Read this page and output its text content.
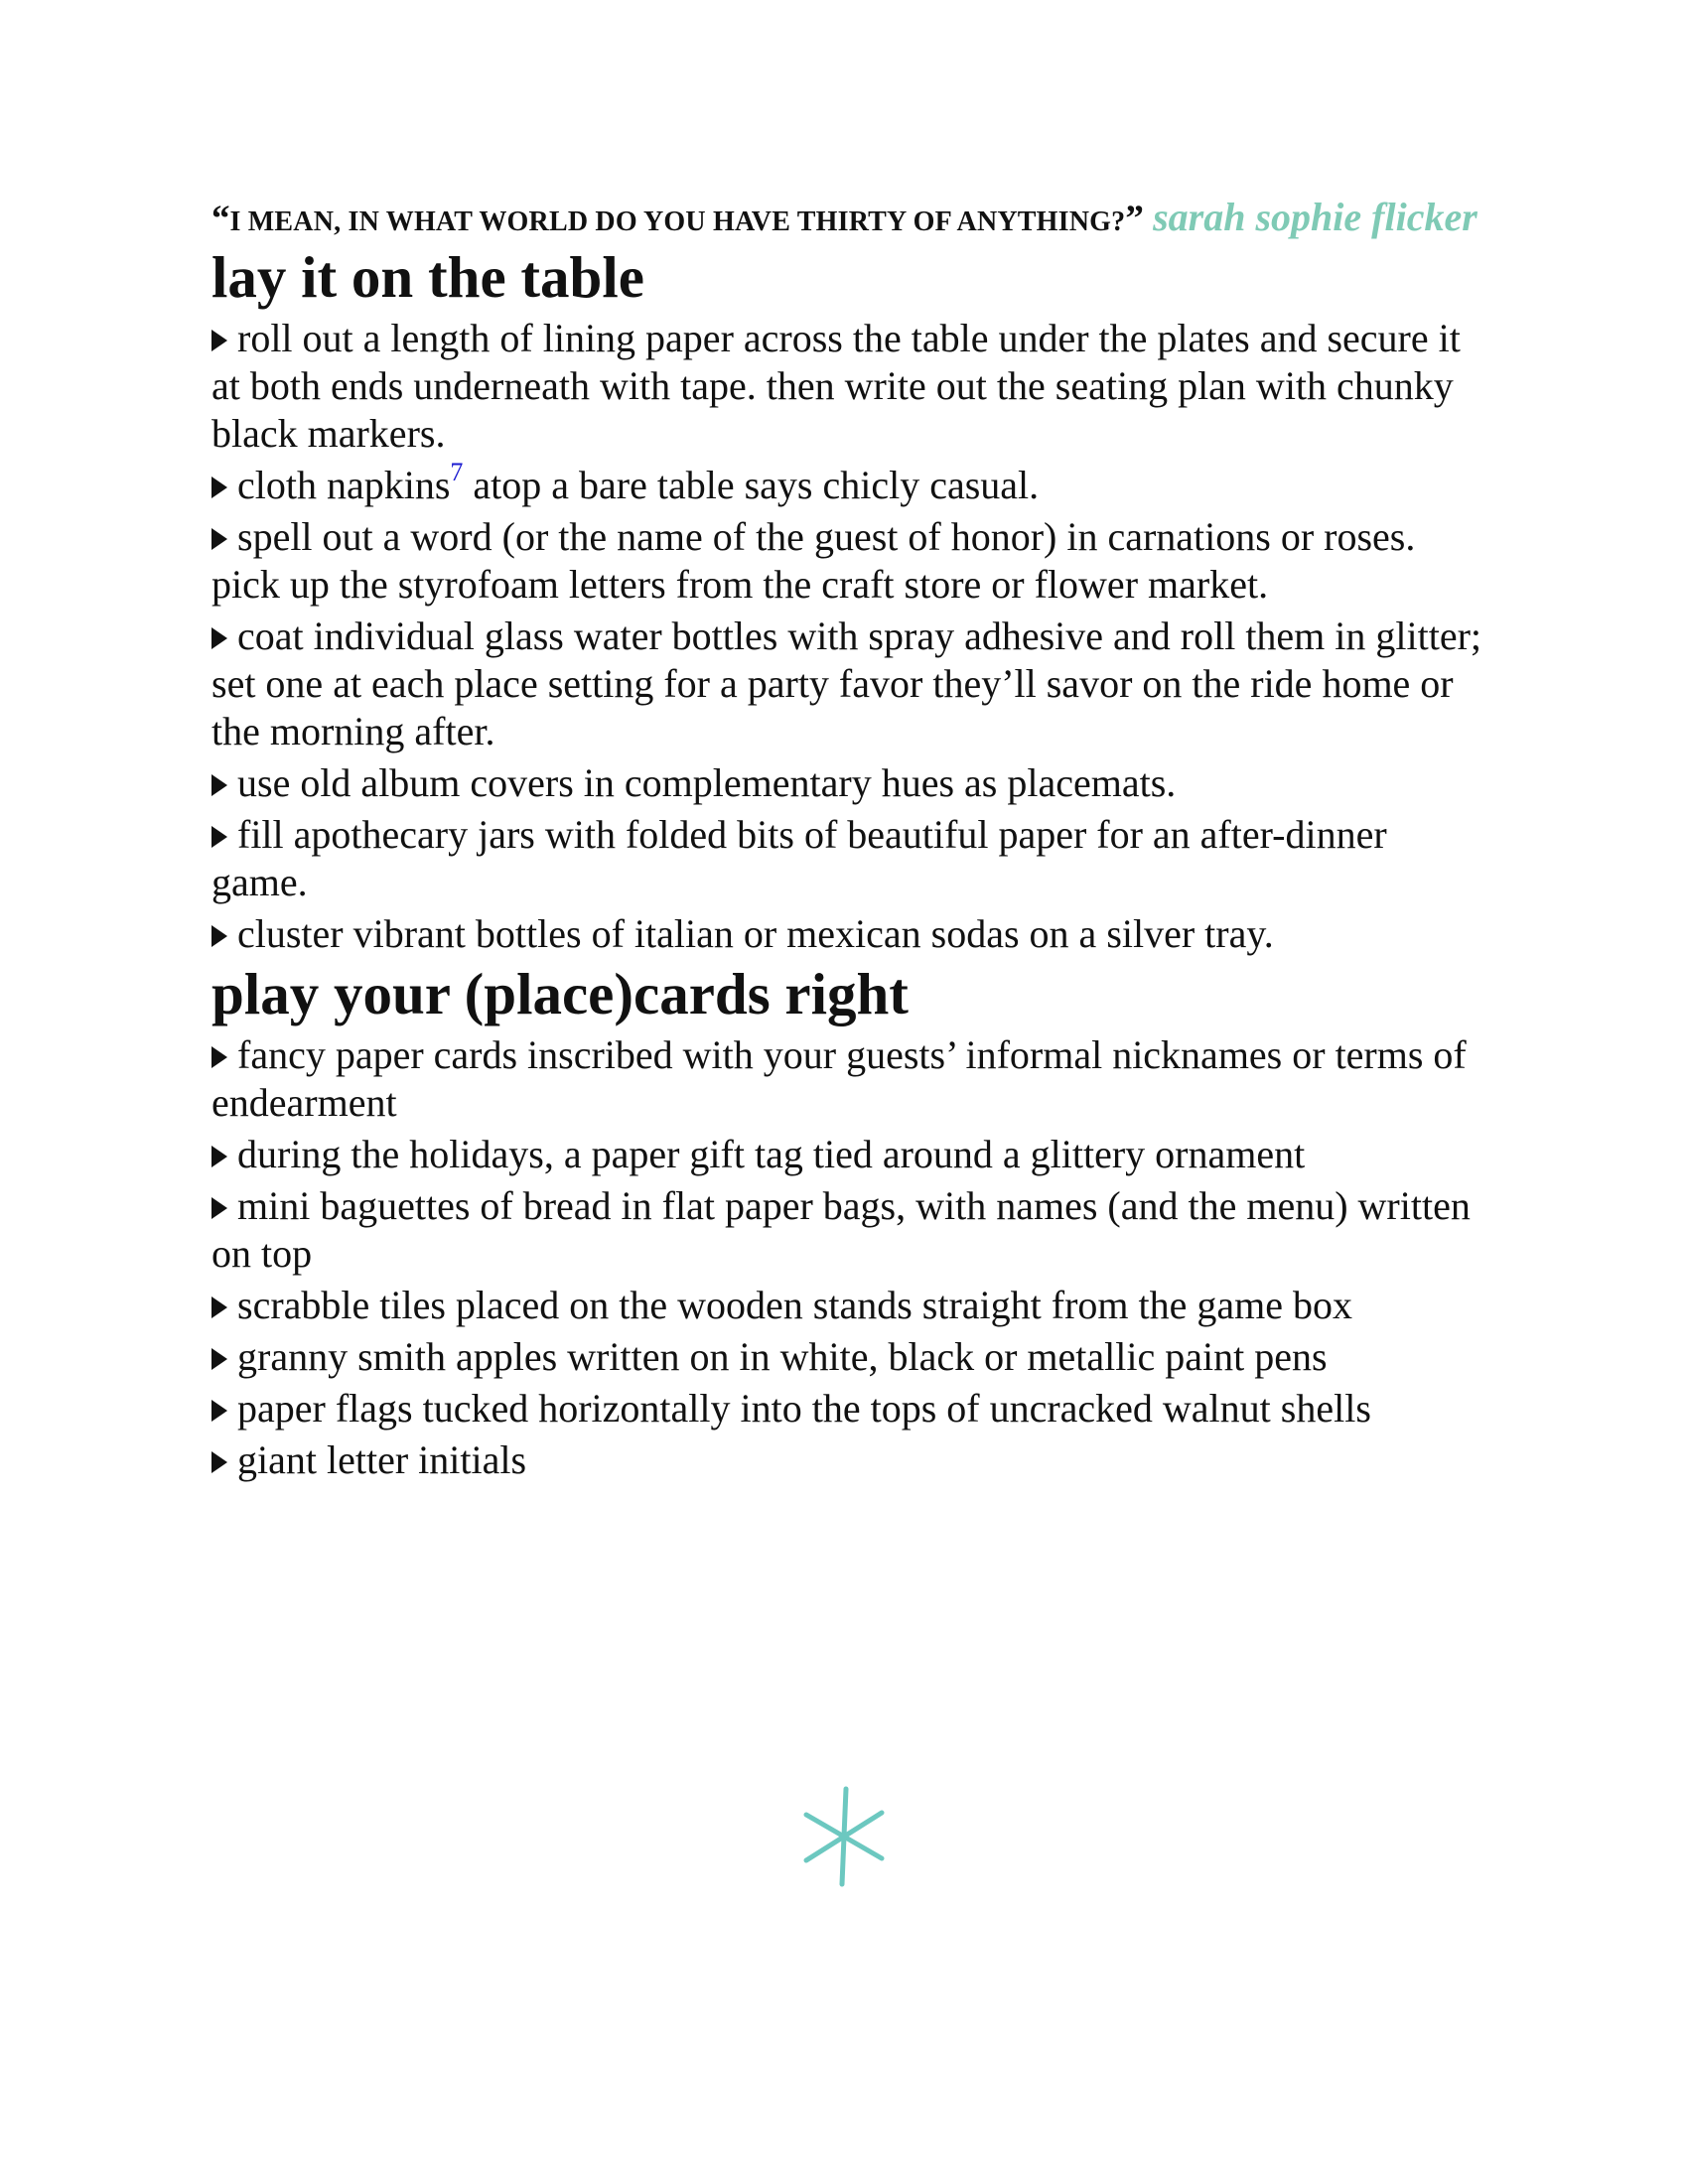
“I MEAN, IN WHAT WORLD DO YOU HAVE THIRTY OF ANYTHING?” sarah sophie flicker

lay it on the table
roll out a length of lining paper across the table under the plates and secure it at both ends underneath with tape. then write out the seating plan with chunky black markers.
cloth napkins$^7$ atop a bare table says chicly casual.
spell out a word (or the name of the guest of honor) in carnations or roses. pick up the styrofoam letters from the craft store or flower market.
coat individual glass water bottles with spray adhesive and roll them in glitter; set one at each place setting for a party favor they’ll savor on the ride home or the morning after.
use old album covers in complementary hues as placemats.
fill apothecary jars with folded bits of beautiful paper for an after-dinner game.
cluster vibrant bottles of italian or mexican sodas on a silver tray.
play your (place)cards right
fancy paper cards inscribed with your guests’ informal nicknames or terms of endearment
during the holidays, a paper gift tag tied around a glittery ornament
mini baguettes of bread in flat paper bags, with names (and the menu) written on top
scrabble tiles placed on the wooden stands straight from the game box
granny smith apples written on in white, black or metallic paint pens
paper flags tucked horizontally into the tops of uncracked walnut shells
giant letter initials
